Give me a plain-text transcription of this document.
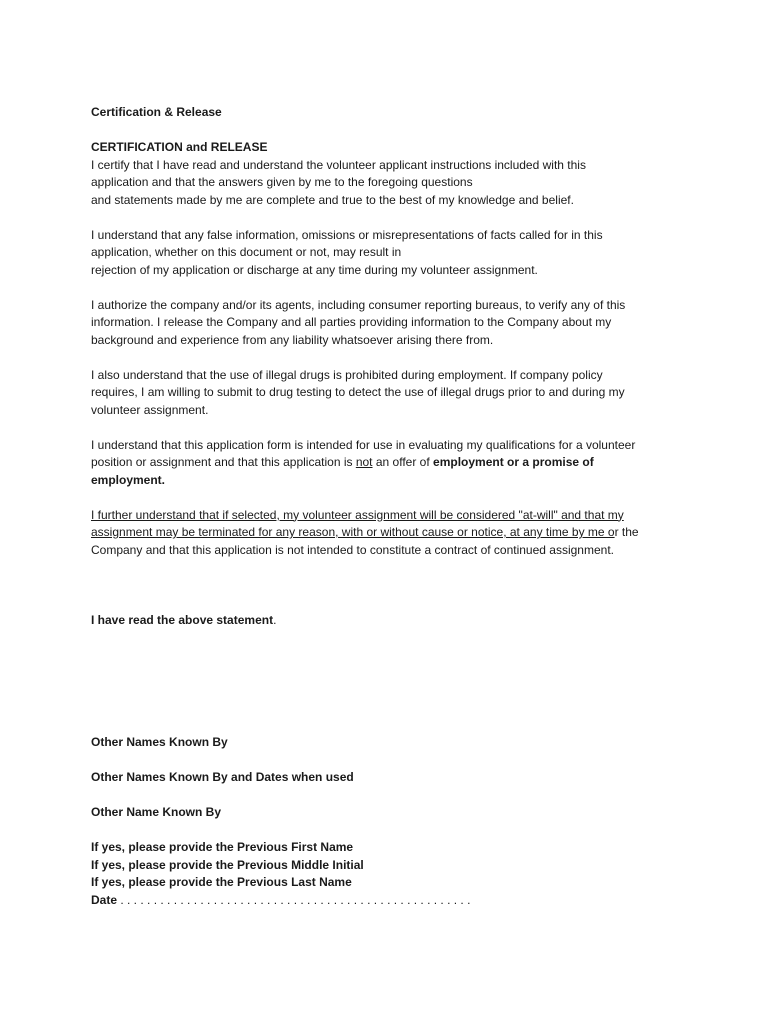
Certification & Release

CERTIFICATION and RELEASE

I certify that I have read and understand the volunteer applicant instructions included with this

application and that the answers given by me to the foregoing questions

and statements made by me are complete and true to the best of my knowledge and belief.

I understand that any false information, omissions or misrepresentations of facts called for in this

application, whether on this document or not, may result in

rejection of my application or discharge at any time during my volunteer assignment.

I authorize the company and/or its agents, including consumer reporting bureaus, to verify any of this

information. I release the Company and all parties providing information to the Company about my

background and experience from any liability whatsoever arising there from.

I also understand that the use of illegal drugs is prohibited during employment. If company policy

requires, I am willing to submit to drug testing to detect the use of illegal drugs prior to and during my

volunteer assignment.

I understand that this application form is intended for use in evaluating my qualifications for a volunteer

position or assignment and that this application is not an offer of employment or a promise of

employment.

I further understand that if selected, my volunteer assignment will be considered "at-will" and that my

assignment may be terminated for any reason, with or without cause or notice, at any time by me or the

Company and that this application is not intended to constitute a contract of continued assignment.

I have read the above statement.

Other Names Known By

Other Names Known By and Dates when used

Other Name Known By

If yes, please provide the Previous First Name

If yes, please provide the Previous Middle Initial

If yes, please provide the Previous Last Name

Date . . . . . . . . . . . . . . . . . . . . . . . . . . . . . . . . . . . . . . . . . . . . . . . . . . . . .
